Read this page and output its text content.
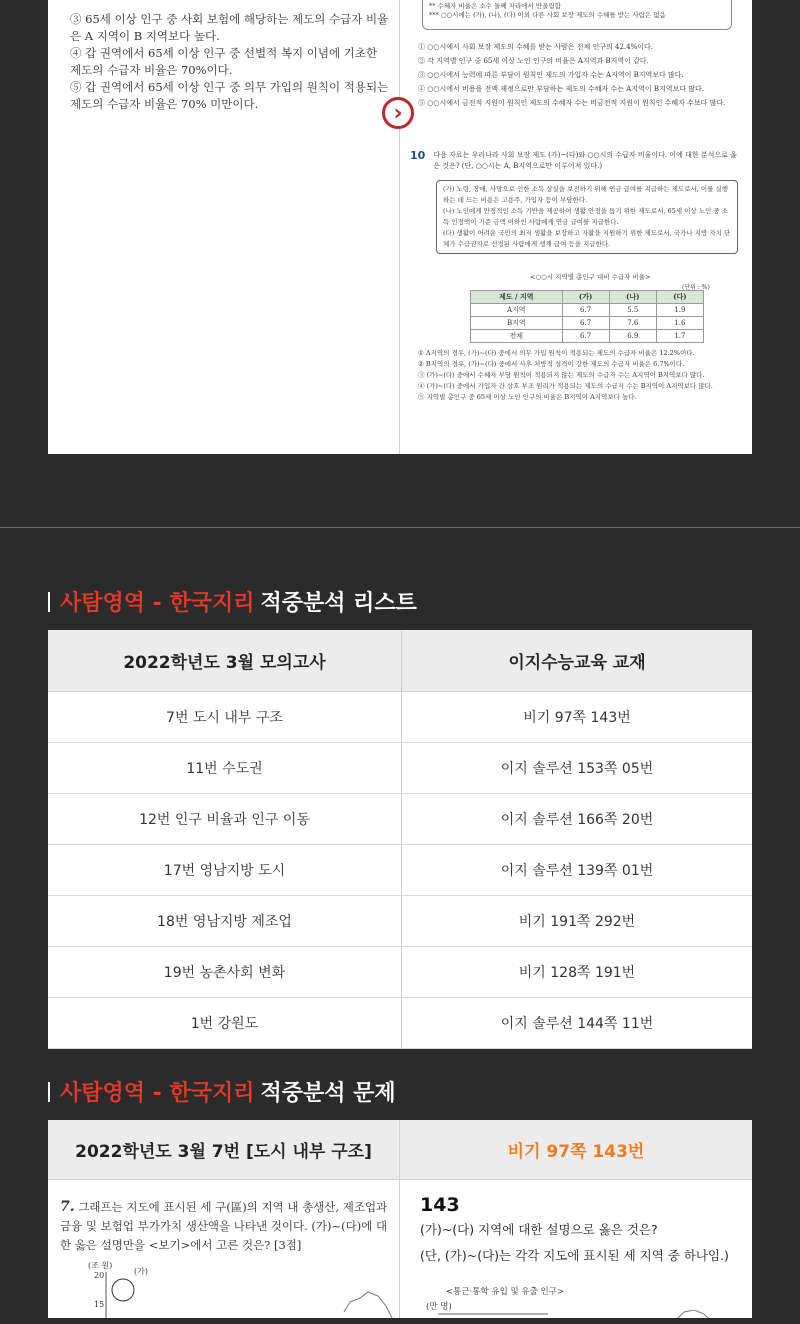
③ 65세 이상 인구 중 사회 보험에 해당하는 제도의 수급자 비율은 A 지역이 B 지역보다 높다.

④ 갑 권역에서 65세 이상 인구 중 선별적 복지 이념에 기초한 제도의 수급자 비율은 70%이다.

⑤ 갑 권역에서 65세 이상 인구 중 의무 가입의 원칙이 적용되는 제도의 수급자 비율은 70% 미만이다.

** 수혜자 비율은 소수 둘째 자리에서 반올림함
*** ○○시에는 (가), (나), (다) 이외 다른 사회 보장 제도의 수혜를 받는 사람은 없음
① ○○시에서 사회 보장 제도의 수혜를 받는 사람은 전체 인구의 42.4%이다.
② 각 지역별 인구 중 65세 이상 노인 인구의 비율은 A지역과 B지역이 같다.
③ ○○시에서 능력에 따른 부담이 원칙인 제도의 가입자 수는 A지역이 B지역보다 많다.
④ ○○시에서 비용을 전액 재정으로만 부담하는 제도의 수혜자 수는 A지역이 B지역보다 많다.
⑤ ○○시에서 금전적 지원이 원칙인 제도의 수혜자 수는 비금전적 지원이 원칙인 수혜자 수보다 많다.
10 다음 자료는 우리나라 사회 보장 제도 (가)~(다)와 ○○시의 수급자 비율이다. 이에 대한 분석으로 옳은 것은? (단, ○○시는 A, B지역으로만 이루어져 있다.)
(가) 노령, 장애, 사망으로 인한 소득 상실을 보전하기 위해 연금 급여를 지급하는 제도로서, 이를 실행하는 데 드는 비용은 고용주, 가입자 등이 부담한다.
(나) 노인에게 안정적인 소득 기반을 제공하여 생활 안정을 돕기 위한 제도로서, 65세 이상 노인 중 소득 인정액이 기준 금액 이하인 사람에게 연금 급여를 지급한다.
(다) 생활이 어려운 국민의 최저 생활을 보장하고 자활을 지원하기 위한 제도로서, 국가나 지방 자치 단체가 수급권자로 선정된 사람에게 생계 급여 등을 지급한다.
<○○시 지역별 총인구 대비 수급자 비율>
(단위 : %)
제도 / 지역	(가)	(나)	(다)
A지역	6.7	5.5	1.9
B지역	6.7	7.6	1.6
전체	6.7	6.9	1.7
① A지역의 경우, (가)~(다) 중에서 의무 가입 원칙이 적용되는 제도의 수급자 비율은 12.2%이다.
② B지역의 경우, (가)~(다) 중에서 사후 처방적 성격이 강한 제도의 수급자 비율은 6.7%이다.
③ (가)~(다) 중에서 수혜자 부담 원칙이 적용되지 않는 제도의 수급자 수는 A지역이 B지역보다 많다.
④ (가)~(다) 중에서 가입자 간 상호 부조 원리가 적용되는 제도의 수급자 수는 B지역이 A지역보다 많다.
⑤ 지역별 총인구 중 65세 이상 노인 인구의 비율은 B지역이 A지역보다 높다.
›
사탐영역 - 한국지리 적중분석 리스트
2022학년도 3월 모의고사	이지수능교육 교재
7번 도시 내부 구조	비기 97쪽 143번
11번 수도권	이지 솔루션 153쪽 05번
12번 인구 비율과 인구 이동	이지 솔루션 166쪽 20번
17번 영남지방 도시	이지 솔루션 139쪽 01번
18번 영남지방 제조업	비기 191쪽 292번
19번 농촌사회 변화	비기 128쪽 191번
1번 강원도	이지 솔루션 144쪽 11번
사탐영역 - 한국지리 적중분석 문제
2022학년도 3월 7번 [도시 내부 구조]	비기 97쪽 143번
7. 그래프는 지도에 표시된 세 구(區)의 지역 내 총생산, 제조업과 금융 및 보험업 부가가치 생산액을 나타낸 것이다. (가)~(다)에 대한 옳은 설명만을 <보기>에서 고른 것은? [3점]
(조 원)
20
15
(가)
143
(가)~(다) 지역에 대한 설명으로 옳은 것은?
(단, (가)~(다)는 각각 지도에 표시된 세 지역 중 하나임.)
<통근·통학 유입 및 유출 인구>
(만 명)
